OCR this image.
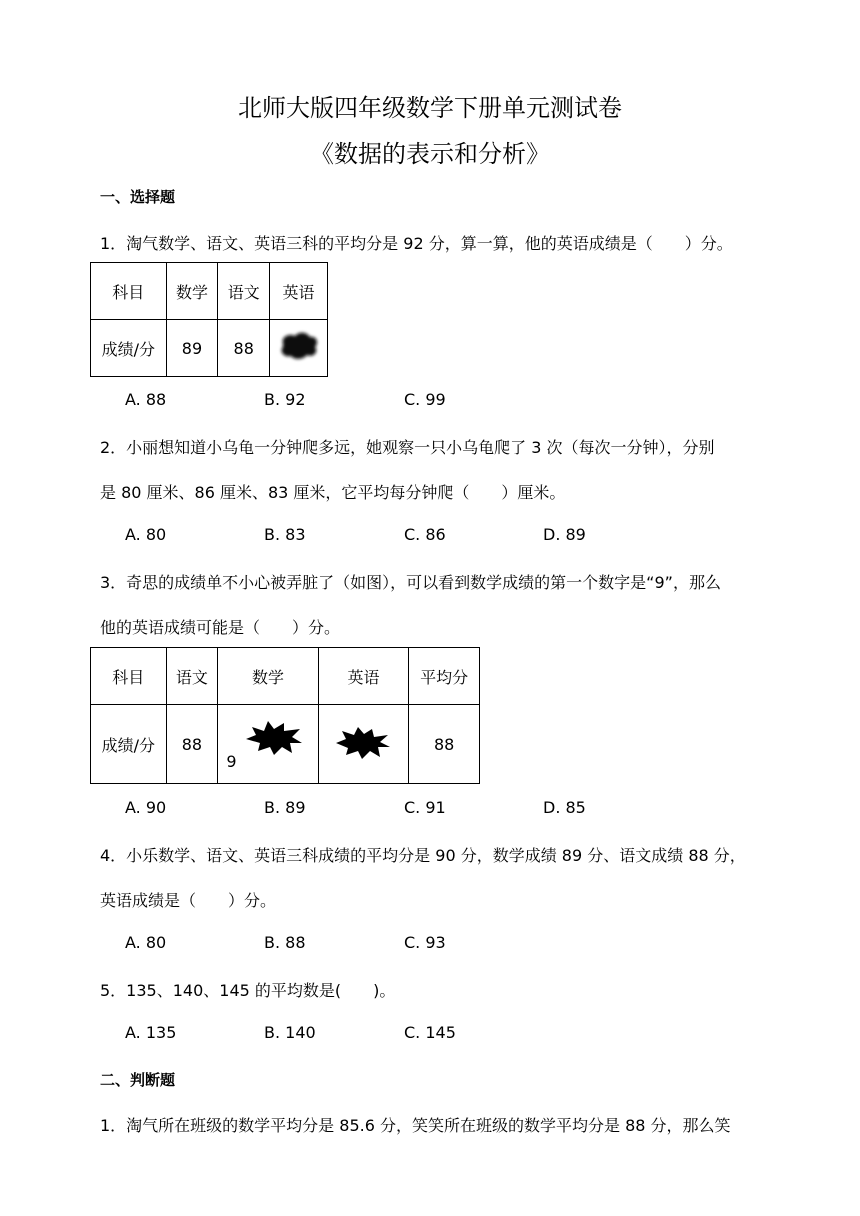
北师大版四年级数学下册单元测试卷
《数据的表示和分析》
一、选择题
1．淘气数学、语文、英语三科的平均分是 92 分，算一算，他的英语成绩是（　　）分。
科目	数学	语文	英语
成绩/分	89	88	
A. 88	B. 92	C. 99
2．小丽想知道小乌龟一分钟爬多远，她观察一只小乌龟爬了 3 次（每次一分钟），分别
是 80 厘米、86 厘米、83 厘米，它平均每分钟爬（　　）厘米。
A. 80	B. 83	C. 86	D. 89
3．奇思的成绩单不小心被弄脏了（如图），可以看到数学成绩的第一个数字是“9”，那么
他的英语成绩可能是（　　）分。
科目	语文	数学	英语	平均分
成绩/分	88	9		88
A. 90	B. 89	C. 91	D. 85
4．小乐数学、语文、英语三科成绩的平均分是 90 分，数学成绩 89 分、语文成绩 88 分，
英语成绩是（　　）分。
A. 80	B. 88	C. 93
5．135、140、145 的平均数是(　　)。
A. 135	B. 140	C. 145
二、判断题
1．淘气所在班级的数学平均分是 85.6 分，笑笑所在班级的数学平均分是 88 分，那么笑
